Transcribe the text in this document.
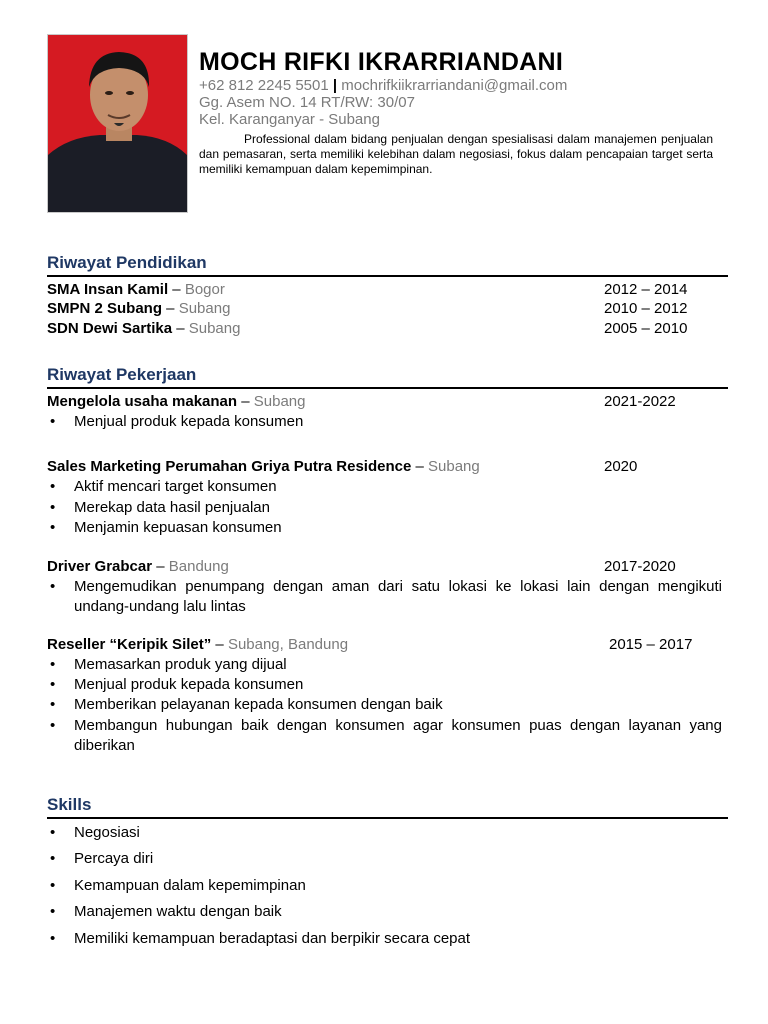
MOCH RIFKI IKRARRIANDANI
+62 812 2245 5501 | mochrifkiikrarriandani@gmail.com
Gg. Asem NO. 14 RT/RW: 30/07
Kel. Karanganyar - Subang
Professional dalam bidang penjualan dengan spesialisasi dalam manajemen penjualan dan pemasaran, serta memiliki kelebihan dalam negosiasi, fokus dalam pencapaian target serta memiliki kemampuan dalam kepemimpinan.
Riwayat Pendidikan
SMA Insan Kamil – Bogor	2012 – 2014
SMPN 2 Subang – Subang	2010 – 2012
SDN Dewi Sartika – Subang	2005 – 2010
Riwayat Pekerjaan
Mengelola usaha makanan – Subang	2021-2022
• Menjual produk kepada konsumen
Sales Marketing Perumahan Griya Putra Residence – Subang	2020
• Aktif mencari target konsumen
• Merekap data hasil penjualan
• Menjamin kepuasan konsumen
Driver Grabcar – Bandung	2017-2020
• Mengemudikan penumpang dengan aman dari satu lokasi ke lokasi lain dengan mengikuti undang-undang lalu lintas
Reseller “Keripik Silet” – Subang, Bandung	2015 – 2017
• Memasarkan produk yang dijual
• Menjual produk kepada konsumen
• Memberikan pelayanan kepada konsumen dengan baik
• Membangun hubungan baik dengan konsumen agar konsumen puas dengan layanan yang diberikan
Skills
• Negosiasi
• Percaya diri
• Kemampuan dalam kepemimpinan
• Manajemen waktu dengan baik
• Memiliki kemampuan beradaptasi dan berpikir secara cepat
